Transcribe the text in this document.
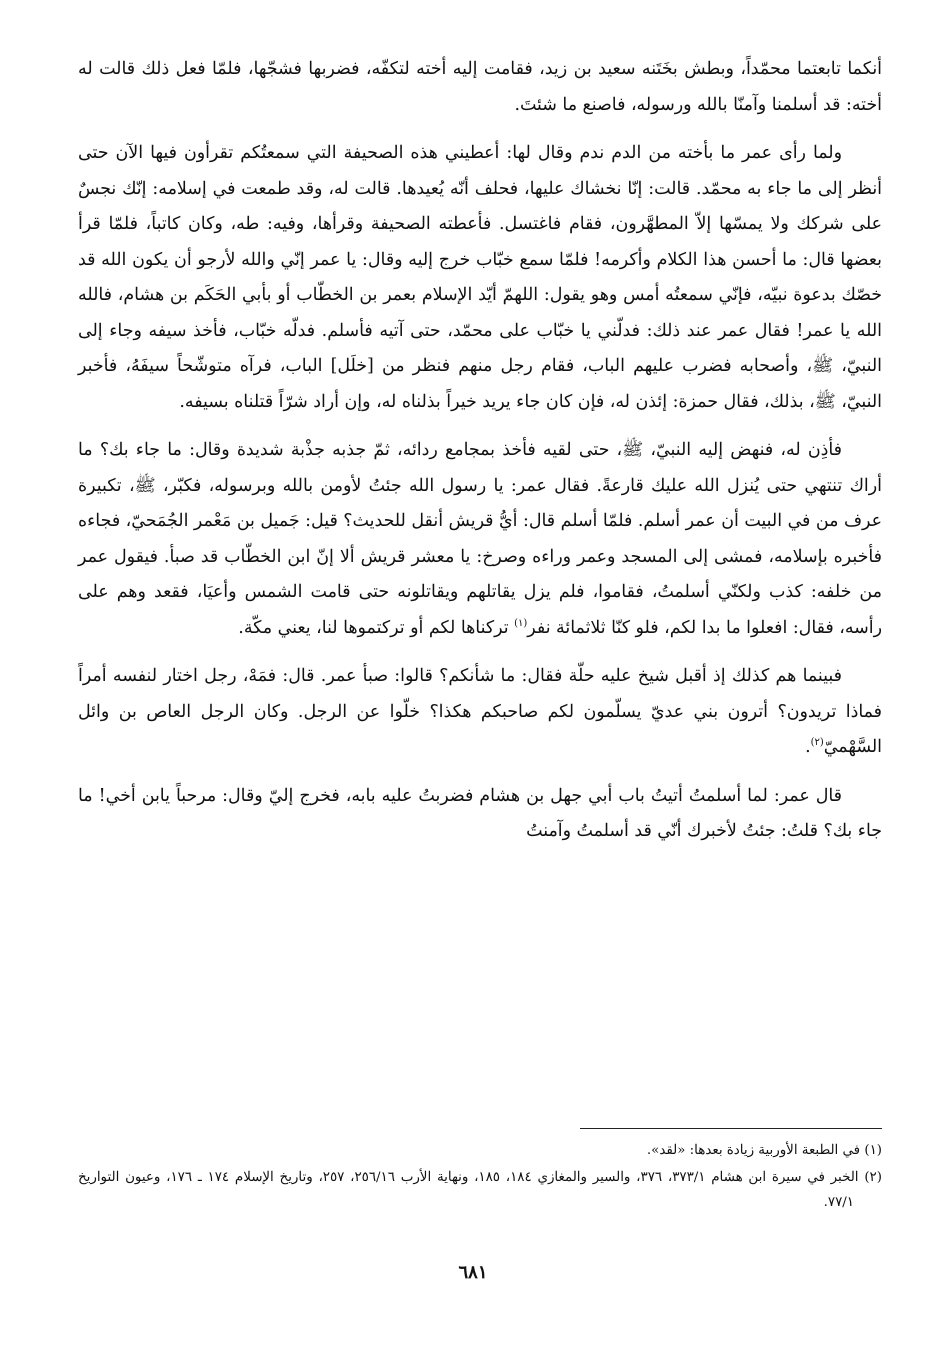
أنكما تابعتما محمّداً، وبطش بخَتَنه سعيد بن زيد، فقامت إليه أخته لتكفّه، فضربها فشجّها، فلمّا فعل ذلك قالت له أخته: قد أسلمنا وآمنّا بالله ورسوله، فاصنع ما شئتَ.

ولما رأى عمر ما بأخته من الدم ندم وقال لها: أعطيني هذه الصحيفة التي سمعتُكم تقرأون فيها الآن حتى أنظر إلى ما جاء به محمّد. قالت: إنّا نخشاك عليها، فحلف أنّه يُعيدها. قالت له، وقد طمعت في إسلامه: إنّك نجسٌ على شركك ولا يمسّها إلاّ المطهَّرون، فقام فاغتسل. فأعطته الصحيفة وقرأها، وفيه: طه، وكان كاتباً، فلمّا قرأ بعضها قال: ما أحسن هذا الكلام وأكرمه! فلمّا سمع خبّاب خرج إليه وقال: يا عمر إنّي والله لأرجو أن يكون الله قد خصّك بدعوة نبيّه، فإنّي سمعتُه أمس وهو يقول: اللهمّ أيّد الإسلام بعمر بن الخطّاب أو بأبي الحَكَم بن هشام، فالله الله يا عمر! فقال عمر عند ذلك: فدلّني يا خبّاب على محمّد، حتى آتيه فأسلم. فدلّه خبّاب، فأخذ سيفه وجاء إلى النبيّ، ﷺ، وأصحابه فضرب عليهم الباب، فقام رجل منهم فنظر من [خلَل] الباب، فرآه متوشّحاً سيفَهُ، فأخبر النبيّ، ﷺ، بذلك، فقال حمزة: إئذن له، فإن كان جاء يريد خيراً بذلناه له، وإن أراد شرّاً قتلناه بسيفه.

فأذِن له، فنهض إليه النبيّ، ﷺ، حتى لقيه فأخذ بمجامع ردائه، ثمّ جذبه جذْبة شديدة وقال: ما جاء بك؟ ما أراك تنتهي حتى يُنزل الله عليك قارعةً. فقال عمر: يا رسول الله جئتُ لأومن بالله وبرسوله، فكبّر، ﷺ، تكبيرة عرف من في البيت أن عمر أسلم. فلمّا أسلم قال: أيُّ قريش أنقل للحديث؟ قيل: جَميل بن مَعْمر الجُمَحيّ، فجاءه فأخبره بإسلامه، فمشى إلى المسجد وعمر وراءه وصرخ: يا معشر قريش ألا إنّ ابن الخطّاب قد صبأ. فيقول عمر من خلفه: كذب ولكنّي أسلمتُ، فقاموا، فلم يزل يقاتلهم ويقاتلونه حتى قامت الشمس وأعيَا، فقعد وهم على رأسه، فقال: افعلوا ما بدا لكم، فلو كنّا ثلاثمائة نفر$^{(١)}$ تركناها لكم أو تركتموها لنا، يعني مكّة.

فبينما هم كذلك إذ أقبل شيخ عليه حلّة فقال: ما شأنكم؟ قالوا: صبأ عمر. قال: فمَهْ، رجل اختار لنفسه أمراً فماذا تريدون؟ أترون بني عديّ يسلّمون لكم صاحبكم هكذا؟ خلّوا عن الرجل. وكان الرجل العاص بن وائل السَّهْميّ$^{(٢)}$.

قال عمر: لما أسلمتُ أتيتُ باب أبي جهل بن هشام فضربتُ عليه بابه، فخرج إليّ وقال: مرحباً يابن أخي! ما جاء بك؟ قلتُ: جئتُ لأخبرك أنّي قد أسلمتُ وآمنتُ

(١) في الطبعة الأوربية زيادة بعدها: «لقد».

(٢) الخبر في سيرة ابن هشام ٣٧٣/١، ٣٧٦، والسير والمغازي ١٨٤، ١٨٥، ونهاية الأرب ٢٥٦/١٦، ٢٥٧، وتاريخ الإسلام ١٧٤ ـ ١٧٦، وعيون التواريخ ٧٧/١.

٦٨١
